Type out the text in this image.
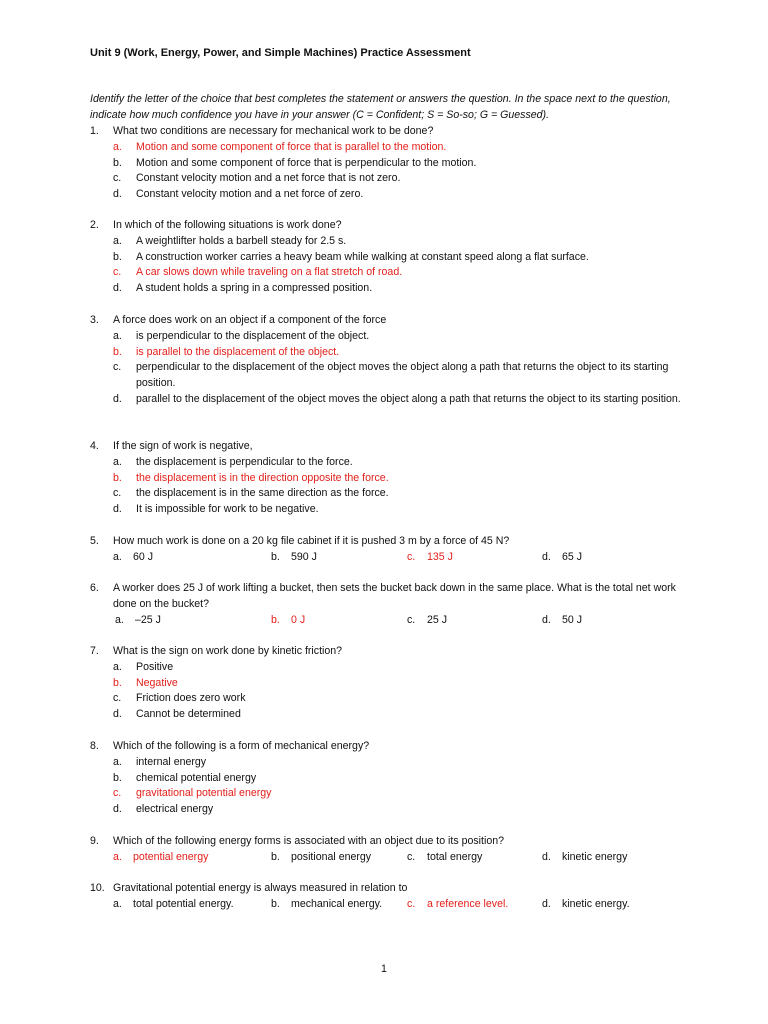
Unit 9 (Work, Energy, Power, and Simple Machines) Practice Assessment
Identify the letter of the choice that best completes the statement or answers the question. In the space next to the question, indicate how much confidence you have in your answer (C = Confident; S = So-so; G = Guessed).
1.	What two conditions are necessary for mechanical work to be done?
a.	Motion and some component of force that is parallel to the motion.
b.	Motion and some component of force that is perpendicular to the motion.
c.	Constant velocity motion and a net force that is not zero.
d.	Constant velocity motion and a net force of zero.
2.	In which of the following situations is work done?
a.	A weightlifter holds a barbell steady for 2.5 s.
b.	A construction worker carries a heavy beam while walking at constant speed along a flat surface.
c.	A car slows down while traveling on a flat stretch of road.
d.	A student holds a spring in a compressed position.
3.	A force does work on an object if a component of the force
a.	is perpendicular to the displacement of the object.
b.	is parallel to the displacement of the object.
c.	perpendicular to the displacement of the object moves the object along a path that returns the object to its starting position.
d.	parallel to the displacement of the object moves the object along a path that returns the object to its starting position.
4.	If the sign of work is negative,
a.	the displacement is perpendicular to the force.
b.	the displacement is in the direction opposite the force.
c.	the displacement is in the same direction as the force.
d.	It is impossible for work to be negative.
5.	How much work is done on a 20 kg file cabinet if it is pushed 3 m by a force of 45 N?
a. 60 J	b. 590 J	c. 135 J	d. 65 J
6.	A worker does 25 J of work lifting a bucket, then sets the bucket back down in the same place. What is the total net work done on the bucket?
a. –25 J	b. 0 J	c. 25 J	d. 50 J
7.	What is the sign on work done by kinetic friction?
a.	Positive
b.	Negative
c.	Friction does zero work
d.	Cannot be determined
8.	Which of the following is a form of mechanical energy?
a.	internal energy
b.	chemical potential energy
c.	gravitational potential energy
d.	electrical energy
9.	Which of the following energy forms is associated with an object due to its position?
a. potential energy	b. positional energy	c. total energy	d. kinetic energy
10. Gravitational potential energy is always measured in relation to
a. total potential energy.	b. mechanical energy. c. a reference level.	d. kinetic energy.
1
